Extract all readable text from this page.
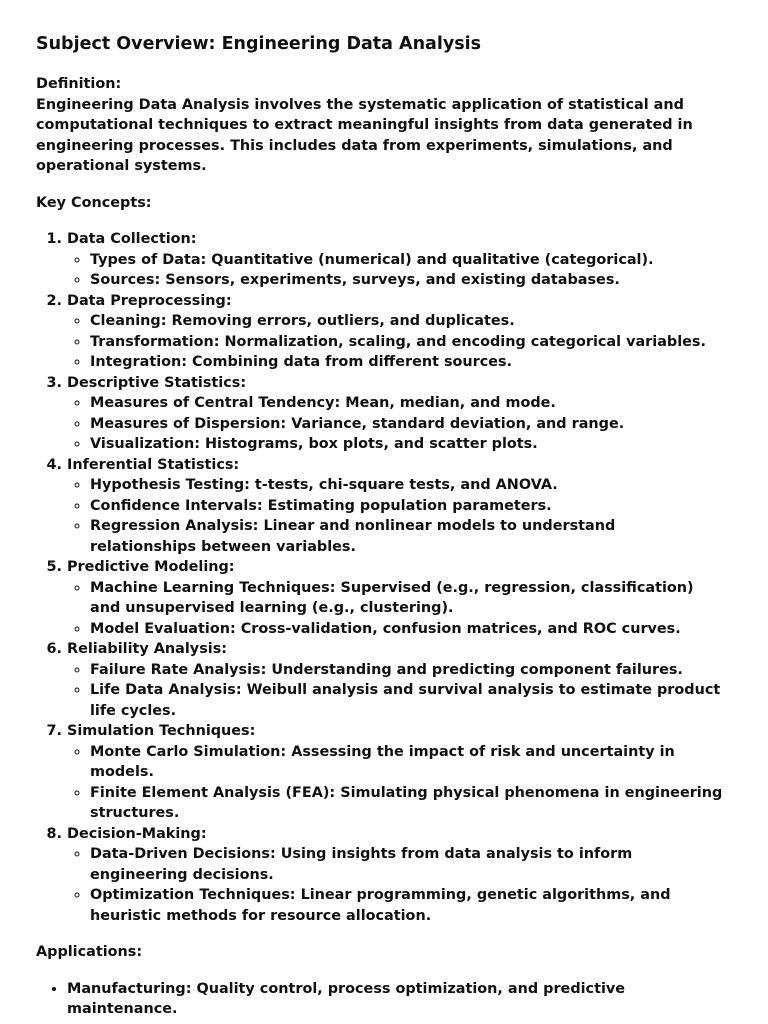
Subject Overview: Engineering Data Analysis

Definition:

Engineering Data Analysis involves the systematic application of statistical and computational techniques to extract meaningful insights from data generated in engineering processes. This includes data from experiments, simulations, and operational systems.

Key Concepts:

1. Data Collection:
◦ Types of Data: Quantitative (numerical) and qualitative (categorical).
◦ Sources: Sensors, experiments, surveys, and existing databases.
2. Data Preprocessing:
◦ Cleaning: Removing errors, outliers, and duplicates.
◦ Transformation: Normalization, scaling, and encoding categorical variables.
◦ Integration: Combining data from different sources.
3. Descriptive Statistics:
◦ Measures of Central Tendency: Mean, median, and mode.
◦ Measures of Dispersion: Variance, standard deviation, and range.
◦ Visualization: Histograms, box plots, and scatter plots.
4. Inferential Statistics:
◦ Hypothesis Testing: t-tests, chi-square tests, and ANOVA.
◦ Confidence Intervals: Estimating population parameters.
◦ Regression Analysis: Linear and nonlinear models to understand relationships between variables.
5. Predictive Modeling:
◦ Machine Learning Techniques: Supervised (e.g., regression, classification) and unsupervised learning (e.g., clustering).
◦ Model Evaluation: Cross-validation, confusion matrices, and ROC curves.
6. Reliability Analysis:
◦ Failure Rate Analysis: Understanding and predicting component failures.
◦ Life Data Analysis: Weibull analysis and survival analysis to estimate product life cycles.
7. Simulation Techniques:
◦ Monte Carlo Simulation: Assessing the impact of risk and uncertainty in models.
◦ Finite Element Analysis (FEA): Simulating physical phenomena in engineering structures.
8. Decision-Making:
◦ Data-Driven Decisions: Using insights from data analysis to inform engineering decisions.
◦ Optimization Techniques: Linear programming, genetic algorithms, and heuristic methods for resource allocation.

Applications:

• Manufacturing: Quality control, process optimization, and predictive maintenance.
